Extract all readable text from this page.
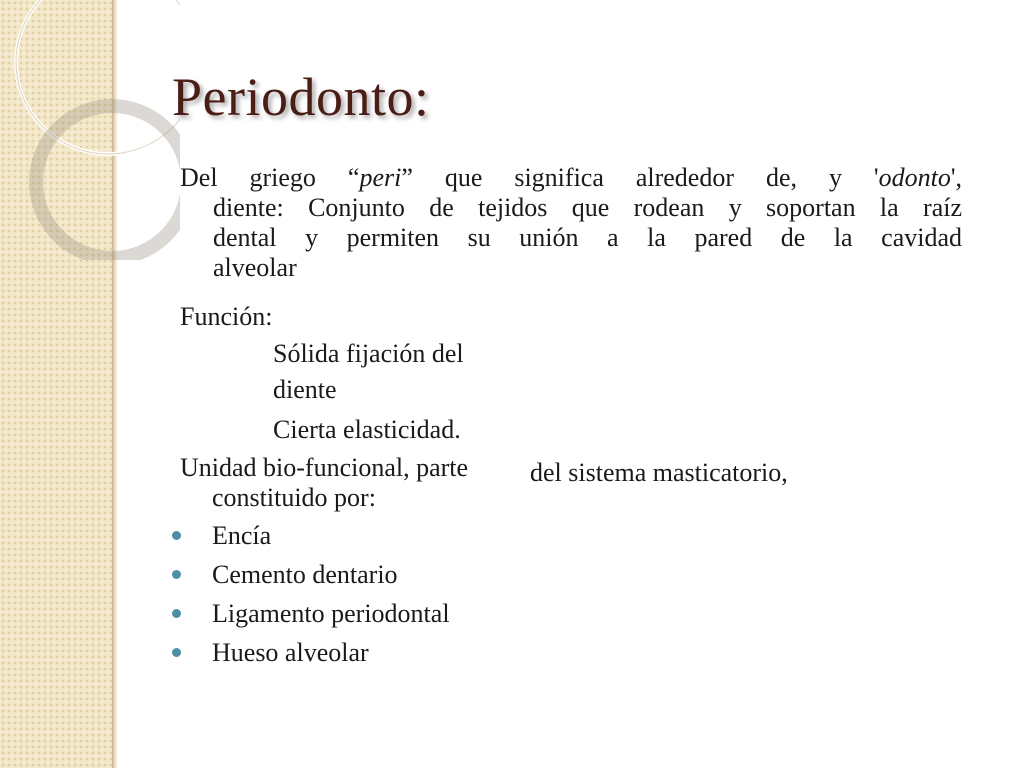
Periodonto:
Del griego “peri” que significa alrededor de, y 'odonto',
diente: Conjunto de tejidos que rodean y soportan la raíz
dental y permiten su unión a la pared de la cavidad
alveolar
Función:
Sólida fijación del
diente
Cierta elasticidad.
Unidad bio-funcional, parte del sistema masticatorio,
constituido por:
Encía
Cemento dentario
Ligamento periodontal
Hueso alveolar
